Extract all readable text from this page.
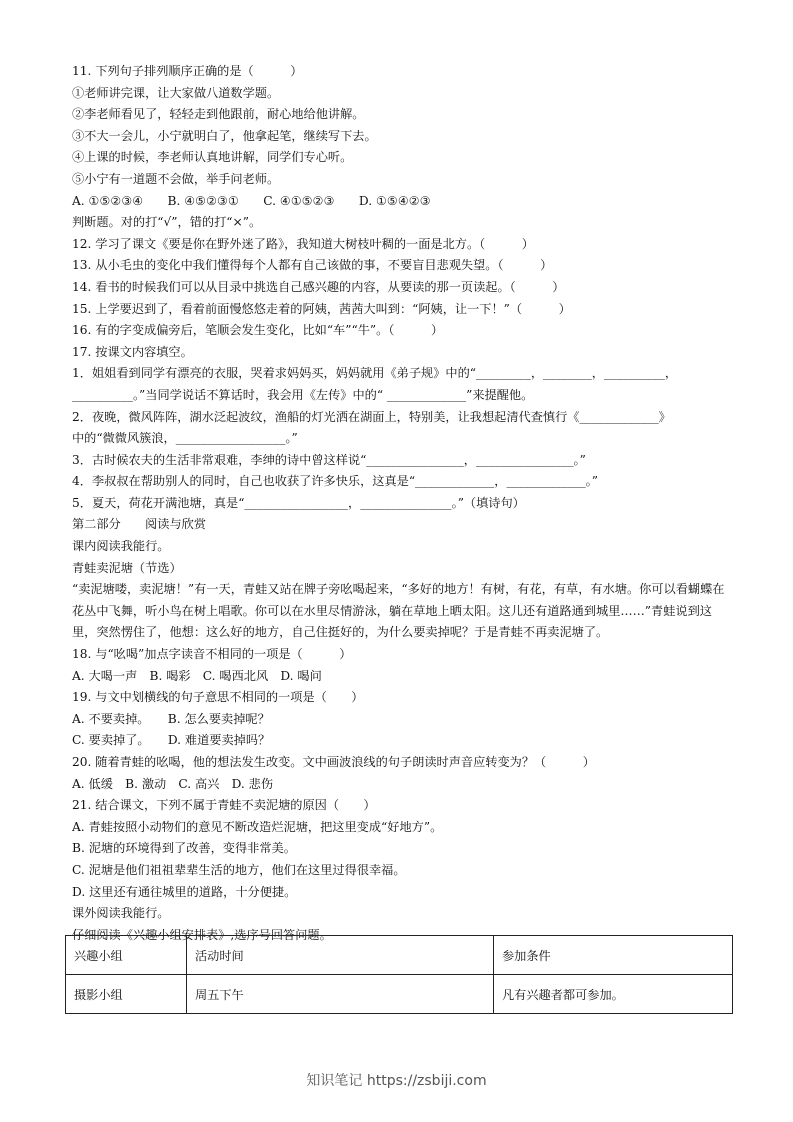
11. 下列句子排列顺序正确的是（　　　）
①老师讲完课，让大家做八道数学题。
②李老师看见了，轻轻走到他跟前，耐心地给他讲解。
③不大一会儿，小宁就明白了，他拿起笔，继续写下去。
④上课的时候，李老师认真地讲解，同学们专心听。
⑤小宁有一道题不会做，举手问老师。
A. ①⑤②③④　　B. ④⑤②③①　　C. ④①⑤②③　　D. ①⑤④②③
判断题。对的打“√”，错的打“×”。
12. 学习了课文《要是你在野外迷了路》，我知道大树枝叶稠的一面是北方。（　　　）
13. 从小毛虫的变化中我们懂得每个人都有自己该做的事，不要盲目悲观失望。（　　　）
14. 看书的时候我们可以从目录中挑选自己感兴趣的内容，从要读的那一页读起。（　　　）
15. 上学要迟到了，看着前面慢悠悠走着的阿姨，茜茜大叫到：“阿姨，让一下！”（　　　）
16. 有的字变成偏旁后，笔顺会发生变化，比如“车”“牛”。（　　　）
17. 按课文内容填空。
1．姐姐看到同学有漂亮的衣服，哭着求妈妈买，妈妈就用《弟子规》中的“_________，________，__________，
__________。”当同学说话不算话时，我会用《左传》中的“ _____________”来提醒他。
2．夜晚，微风阵阵，湖水泛起波纹，渔船的灯光洒在湖面上，特别美，让我想起清代查慎行《_____________》
中的“微微风簇浪，__________________。”
3．古时候农夫的生活非常艰难，李绅的诗中曾这样说“________________，________________。”
4．李叔叔在帮助别人的同时，自己也收获了许多快乐，这真是“_____________，_____________。”
5．夏天，荷花开满池塘，真是“_________________，_______________。”（填诗句）
第二部分　　阅读与欣赏
课内阅读我能行。
青蛙卖泥塘（节选）
“卖泥塘喽，卖泥塘！”有一天，青蛙又站在牌子旁吆喝起来，“多好的地方！有树，有花，有草，有水塘。你可以看蝴蝶在花丛中飞舞，听小鸟在树上唱歌。你可以在水里尽情游泳，躺在草地上晒太阳。这儿还有道路通到城里……”青蛙说到这里，突然愣住了，他想：这么好的地方，自己住挺好的，为什么要卖掉呢？于是青蛙不再卖泥塘了。
18. 与“吆喝”加点字读音不相同的一项是（　　　）
A. 大喝一声　B. 喝彩　C. 喝西北风　D. 喝问
19. 与文中划横线的句子意思不相同的一项是（　　）
A. 不要卖掉。　　B. 怎么要卖掉呢？
C. 要卖掉了。　　D. 难道要卖掉吗？
20. 随着青蛙的吆喝，他的想法发生改变。文中画波浪线的句子朗读时声音应转变为？（　　　）
A. 低缓　B. 激动　C. 高兴　D. 悲伤
21. 结合课文，下列不属于青蛙不卖泥塘的原因（　　）
A. 青蛙按照小动物们的意见不断改造烂泥塘，把这里变成“好地方”。
B. 泥塘的环境得到了改善，变得非常美。
C. 泥塘是他们祖祖辈辈生活的地方，他们在这里过得很幸福。
D. 这里还有通往城里的道路，十分便捷。
课外阅读我能行。
仔细阅读《兴趣小组安排表》,选序号回答问题。
兴趣小组	活动时间	参加条件
摄影小组	周五下午	凡有兴趣者都可参加。
知识笔记 https://zsbiji.com
